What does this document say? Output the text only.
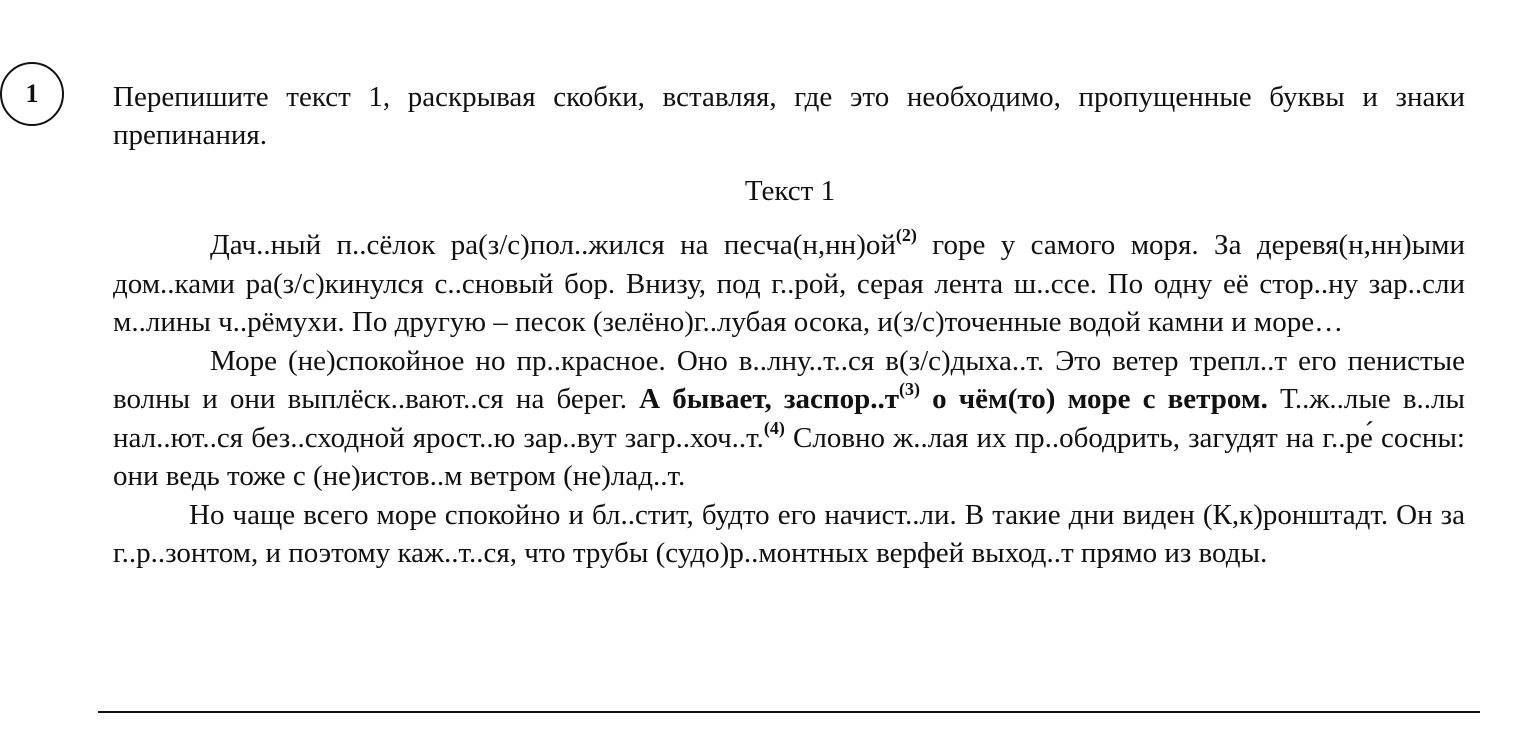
1	Перепишите текст 1, раскрывая скобки, вставляя, где это необходимо, пропущенные буквы и знаки препинания.
Текст 1

Дач..ный п..сёлок ра(з/с)пол..жился на $песча(н,нн)ой^{(2)}$ горе у самого моря. За деревя(н,нн)ыми дом..ками ра(з/с)кинулся с..сновый бор. Внизу, под г..рой, серая лента ш..ссе. По одну её стор..ну зар..сли м..лины ч..рёмухи. По другую – песок (зелёно)г..лубая осока, и(з/с)точенные водой камни и море…

Море (не)спокойное но пр..красное. Оно в..лну..т..ся в(з/с)дыха..т. Это ветер трепл..т его пенистые волны и они выплёск..вают..ся на берег. А бывает, $заспор..т^{(3)}$ о чём(то) море с ветром. Т..ж..лые в..лы нал..ют..ся без..сходной ярост..ю зар..вут загр..хоч..т.$^{(4)}$ Словно ж..лая их пр..ободрить, загудят на г..ре́ сосны: они ведь тоже с (не)истов..м ветром (не)лад..т.

Но чаще всего море спокойно и бл..стит, будто его начист..ли. В такие дни виден (К,к)ронштадт. Он за г..р..зонтом, и поэтому каж..т..ся, что трубы (судо)р..монтных верфей выход..т прямо из воды.
